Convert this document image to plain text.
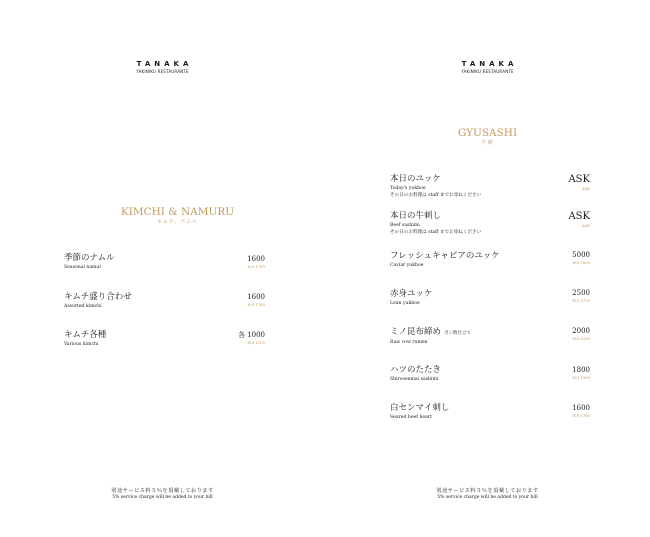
TANAKA
YAKINIKU RESTAURANTE
KIMCHI & NAMURU
キムチ、ナムル
季節のナムル
Seasonal namul
1600
W/t 1760
キムチ盛り合わせ
Assorted kimchi
1600
W/t 1760
キムチ各種
Various kimchi
各 1000
W/t 1100
別途サービス料５％を頂戴しております
5% service charge will be added to your bill
TANAKA
YAKINIKU RESTAURANTE
GYUSASHI
牛刺
本日のユッケ
Today's yukhoe
その日のお料理は staff までお尋ねください
ASK
ASK
本日の牛刺し
Beef sashimi
その日のお料理は staff までお尋ねください
ASK
ASK
フレッシュキャビアのユッケ
Caviar yukhoe
5000
W/t 5500
赤身ユッケ
Lean yukhoe
2500
W/t 2750
ミノ昆布締め ポン酢仕立て
Raw cow rumen
2000
W/t 2200
ハツのたたき
Shirosenmai sashimi
1800
W/t 1980
白センマイ刺し
Seared beef heart
1600
W/t 1760
別途サービス料５％を頂戴しております
5% service charge will be added to your bill
